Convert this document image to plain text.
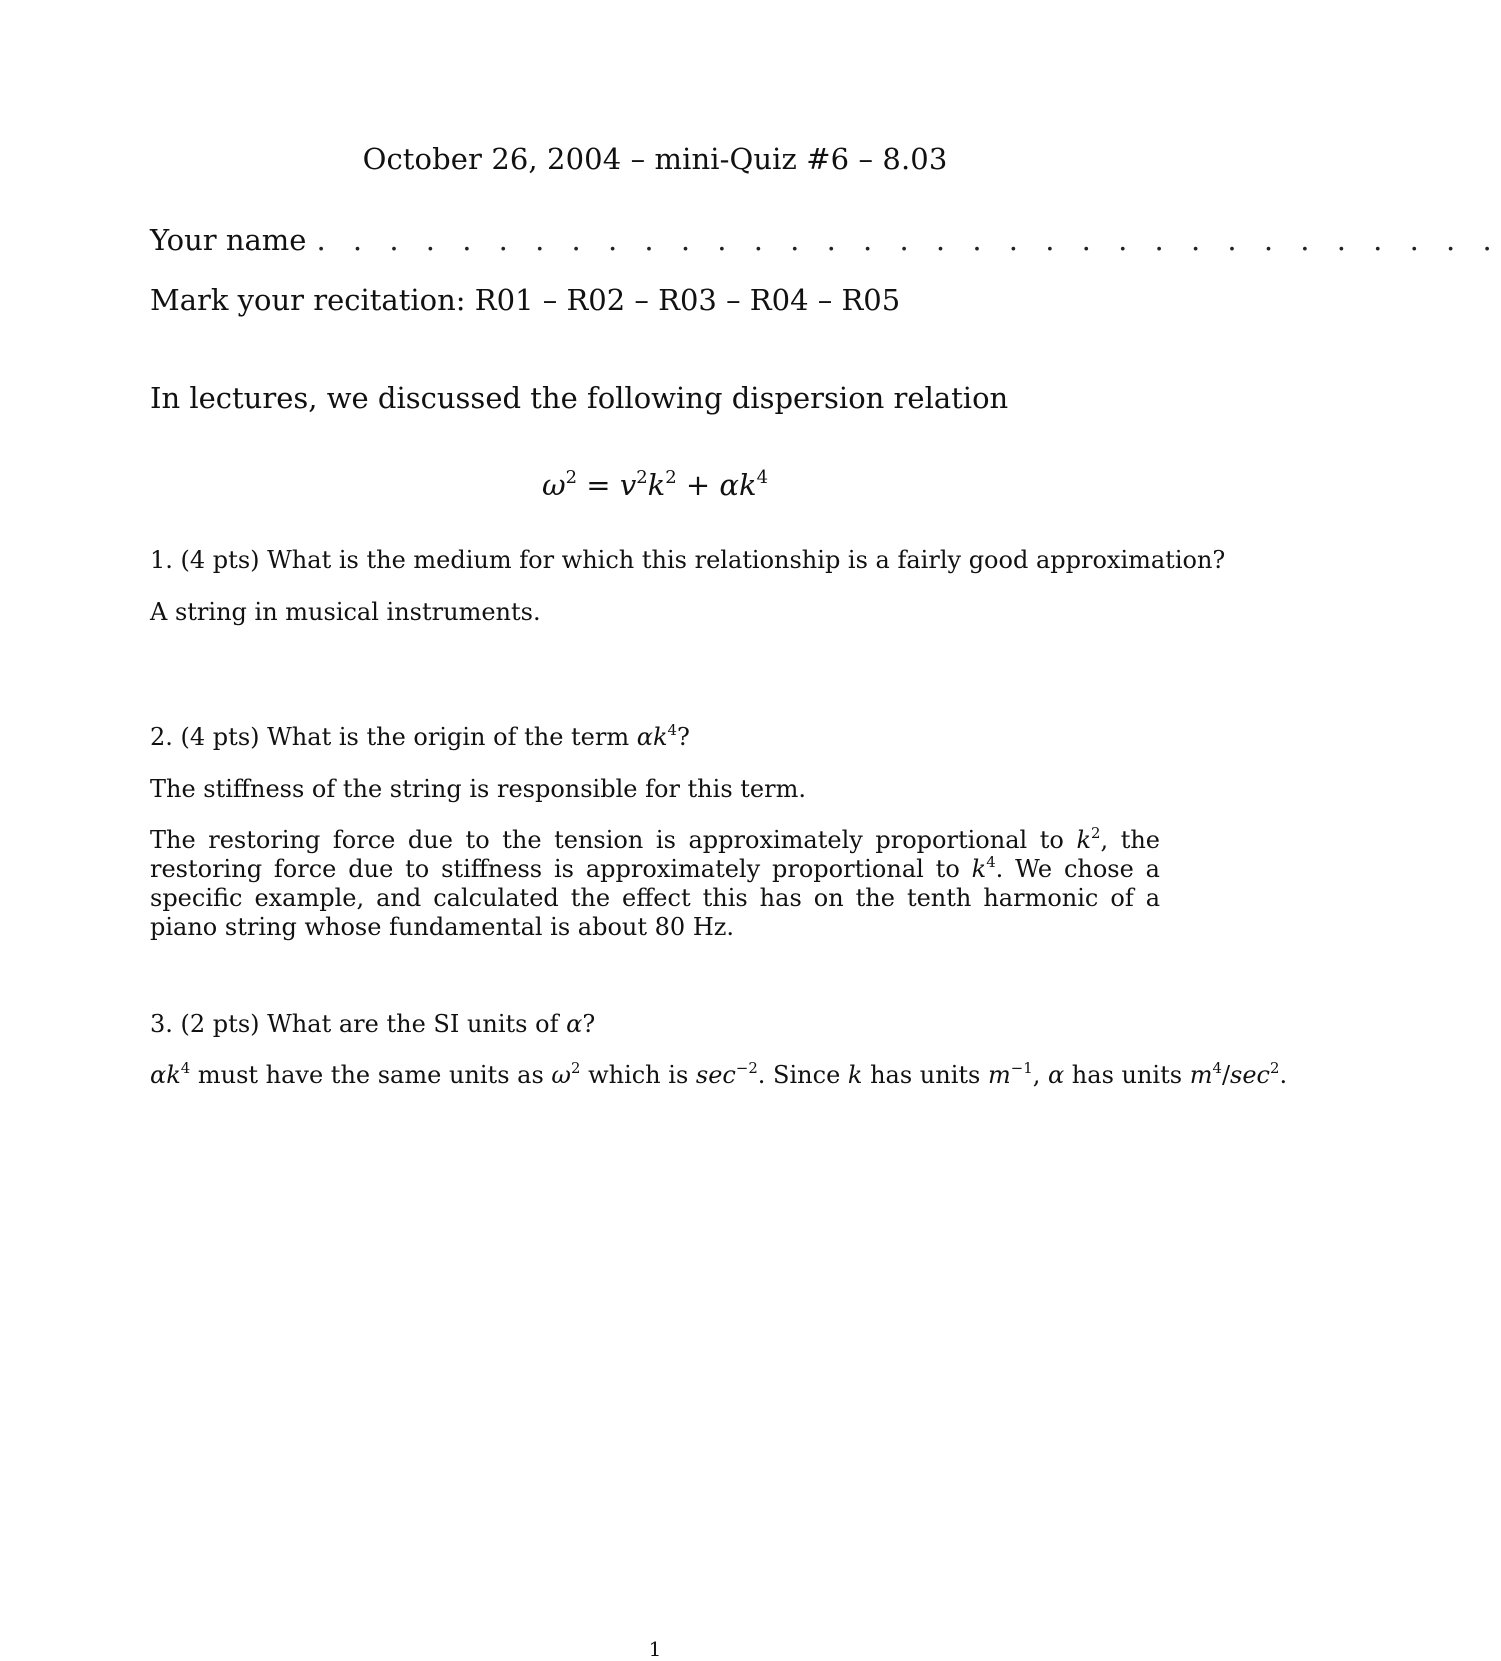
October 26, 2004 – mini-Quiz #6 – 8.03
Your name . . . . . . . . . . . . . . . . . . . . . . . . . . . . . . . . .
Mark your recitation: R01 – R02 – R03 – R04 – R05
In lectures, we discussed the following dispersion relation
$\omega^2 = v^2k^2 + \alpha k^4$
1. (4 pts) What is the medium for which this relationship is a fairly good approximation?
A string in musical instruments.
2. (4 pts) What is the origin of the term $\alpha k^4$?
The stiffness of the string is responsible for this term.
The restoring force due to the tension is approximately proportional to $k^2$, the restoring force due to stiffness is approximately proportional to $k^4$. We chose a specific example, and calculated the effect this has on the tenth harmonic of a piano string whose fundamental is about 80 Hz.
3. (2 pts) What are the SI units of α?
$\alpha k^4$ must have the same units as $\omega^2$ which is $\sec^{-2}$. Since k has units $m^{-1}$, α has units $m^4/\sec^2$.
1
